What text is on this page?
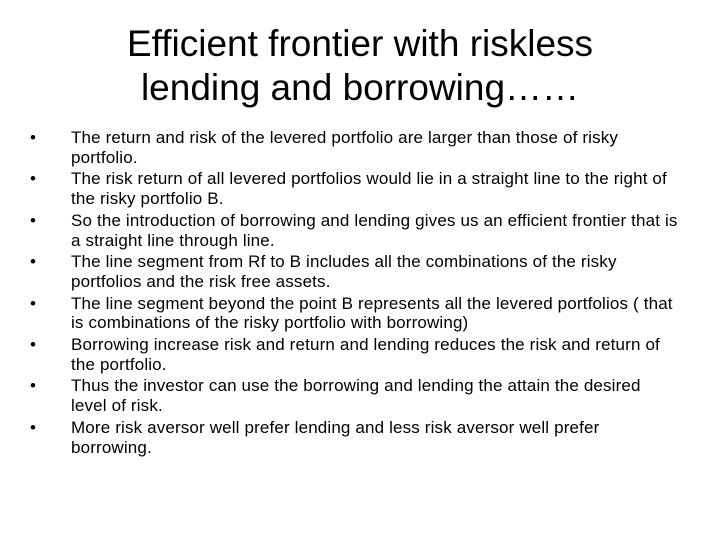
Efficient frontier with riskless
lending and borrowing……
•	The return and risk of the levered portfolio are larger than those of risky portfolio.
•	The risk return of all levered portfolios would lie in a straight line to the right of the risky portfolio B.
•	So the introduction of borrowing and lending gives us an efficient frontier that is a straight line through line.
•	The line segment from Rf to B includes all the combinations of the risky portfolios and the risk free assets.
•	The line segment beyond the point B represents all the levered portfolios ( that is combinations of the risky portfolio with borrowing)
•	Borrowing increase risk and return and lending reduces the risk and return of the portfolio.
•	Thus the investor can use the borrowing and lending the attain the desired level of risk.
•	More risk aversor well prefer lending and less risk aversor well prefer borrowing.
